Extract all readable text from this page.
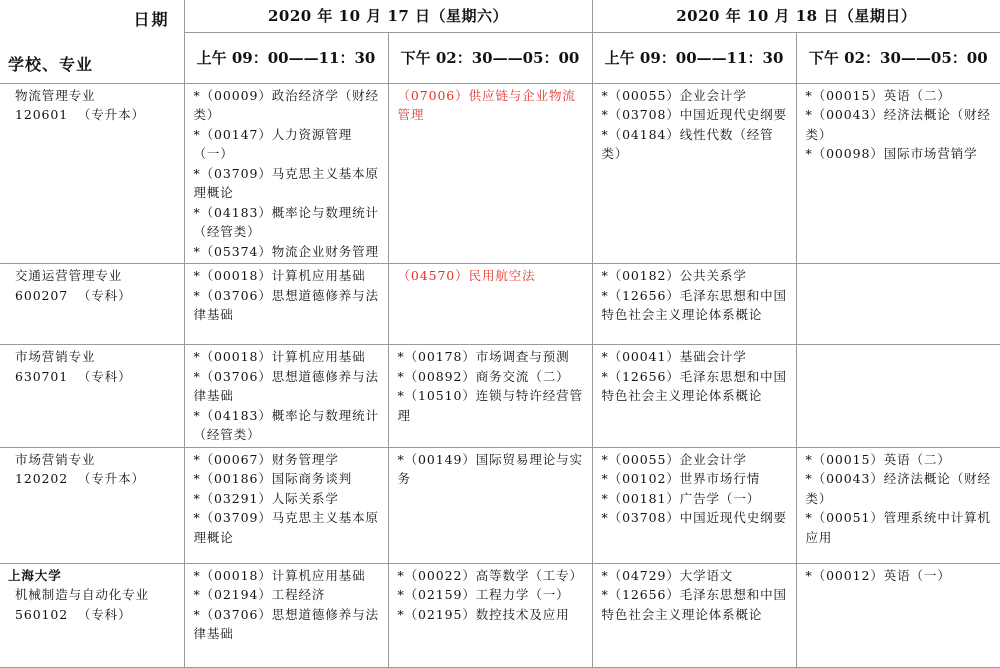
日期
学校、专业	2020 年 10 月 17 日（星期六）		2020 年 10 月 18 日（星期日）	
	上午 09：00——11：30	下午 02：30——05：00	上午 09：00——11：30	下午 02：30——05：00
物流管理专业
120601  （专升本）	*（00009）政治经济学（财经类）
*（00147）人力资源管理（一）
*（03709）马克思主义基本原理概论
*（04183）概率论与数理统计（经管类）
*（05374）物流企业财务管理	（07006）供应链与企业物流管理	*（00055）企业会计学
*（03708）中国近现代史纲要
*（04184）线性代数（经管类）	*（00015）英语（二）
*（00043）经济法概论（财经类）
*（00098）国际市场营销学

交通运营管理专业
600207  （专科）	*（00018）计算机应用基础
*（03706）思想道德修养与法律基础	（04570）民用航空法	*（00182）公共关系学
*（12656）毛泽东思想和中国特色社会主义理论体系概论	

市场营销专业
630701  （专科）	*（00018）计算机应用基础
*（03706）思想道德修养与法律基础
*（04183）概率论与数理统计（经管类）	*（00178）市场调查与预测
*（00892）商务交流（二）
*（10510）连锁与特许经营管理	*（00041）基础会计学
*（12656）毛泽东思想和中国特色社会主义理论体系概论	

市场营销专业
120202  （专升本）	*（00067）财务管理学
*（00186）国际商务谈判
*（03291）人际关系学
*（03709）马克思主义基本原理概论	*（00149）国际贸易理论与实务	*（00055）企业会计学
*（00102）世界市场行情
*（00181）广告学（一）
*（03708）中国近现代史纲要	*（00015）英语（二）
*（00043）经济法概论（财经类）
*（00051）管理系统中计算机应用

上海大学
机械制造与自动化专业
560102  （专科）	*（00018）计算机应用基础
*（02194）工程经济
*（03706）思想道德修养与法律基础	*（00022）高等数学（工专）
*（02159）工程力学（一）
*（02195）数控技术及应用	*（04729）大学语文
*（12656）毛泽东思想和中国特色社会主义理论体系概论	*（00012）英语（一）
